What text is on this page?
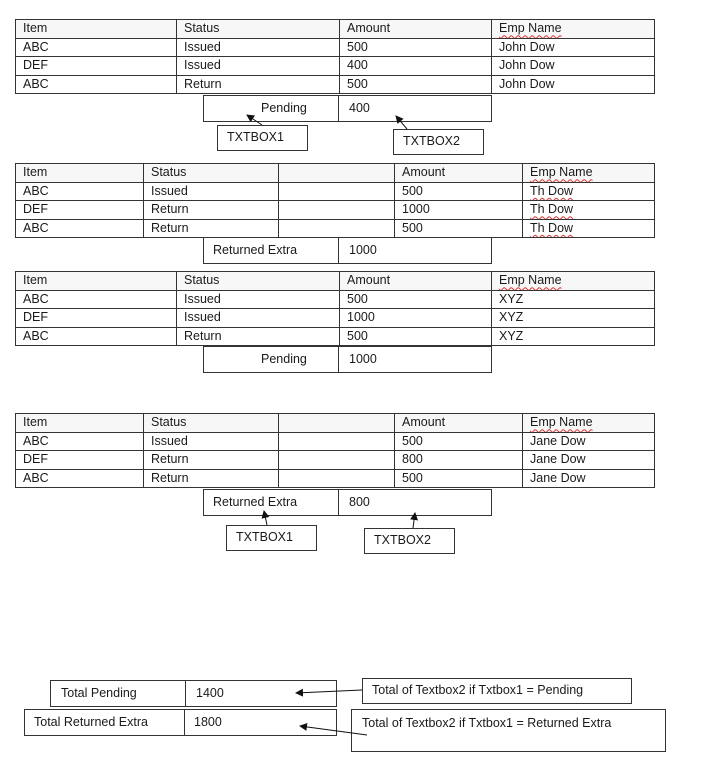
Item	Status	Amount	Emp Name
ABC	Issued	500	John Dow
DEF	Issued	400	John Dow
ABC	Return	500	John Dow
Pending	400
TXTBOX1	TXTBOX2
Item	Status		Amount	Emp Name
ABC	Issued		500	Th Dow
DEF	Return		1000	Th Dow
ABC	Return		500	Th Dow
Returned Extra	1000
Item	Status	Amount	Emp Name
ABC	Issued	500	XYZ
DEF	Issued	1000	XYZ
ABC	Return	500	XYZ
Pending	1000
Item	Status		Amount	Emp Name
ABC	Issued		500	Jane Dow
DEF	Return		800	Jane Dow
ABC	Return		500	Jane Dow
Returned Extra	800
TXTBOX1	TXTBOX2
Total Pending	1400
Total Returned Extra	1800
Total of Textbox2 if Txtbox1 = Pending
Total of Textbox2 if Txtbox1 = Returned Extra
